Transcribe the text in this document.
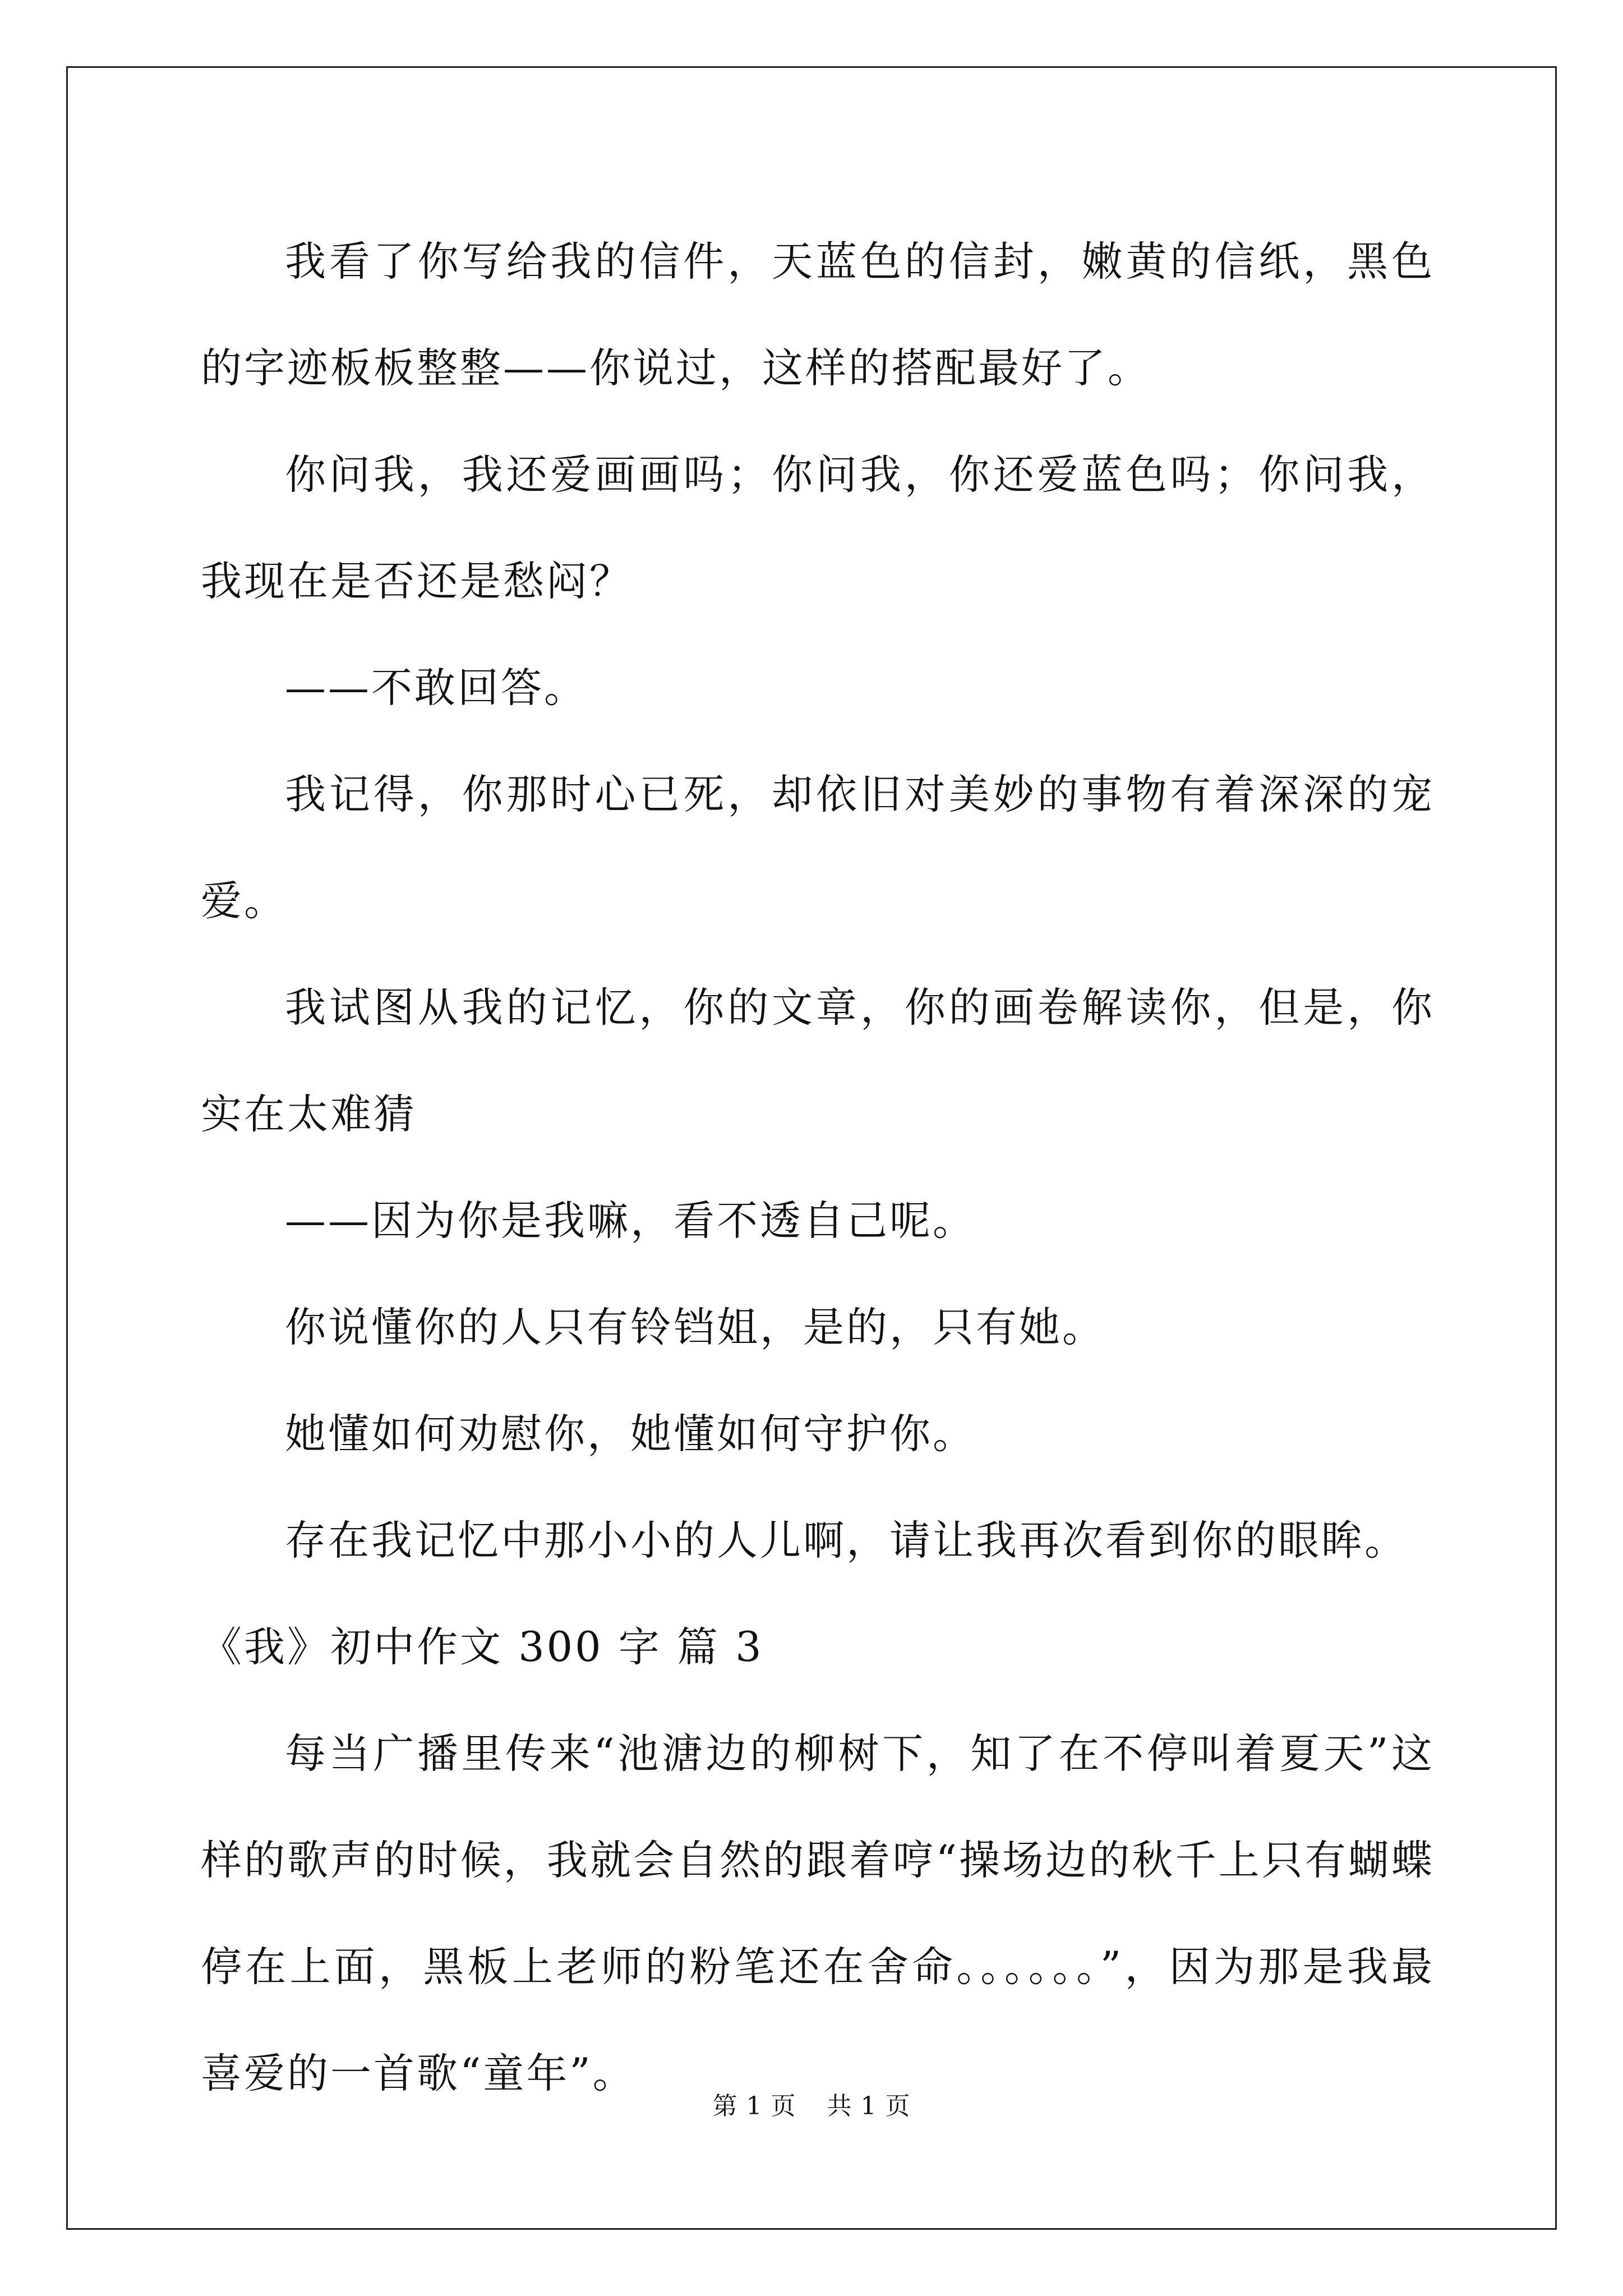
我看了你写给我的信件，天蓝色的信封，嫩黄的信纸，黑色的字迹板板整整——你说过，这样的搭配最好了。

你问我，我还爱画画吗；你问我，你还爱蓝色吗；你问我，我现在是否还是愁闷？

——不敢回答。

我记得，你那时心已死，却依旧对美妙的事物有着深深的宠爱。

我试图从我的记忆，你的文章，你的画卷解读你，但是，你实在太难猜

——因为你是我嘛，看不透自己呢。

你说懂你的人只有铃铛姐，是的，只有她。

她懂如何劝慰你，她懂如何守护你。

存在我记忆中那小小的人儿啊，请让我再次看到你的眼眸。

《我》初中作文 300 字 篇 3

每当广播里传来“池溏边的柳树下，知了在不停叫着夏天”这样的歌声的时候，我就会自然的跟着哼“操场边的秋千上只有蝴蝶停在上面，黑板上老师的粉笔还在舍命。。。。。。”，因为那是我最喜爱的一首歌“童年”。

第 1 页 共 1 页
